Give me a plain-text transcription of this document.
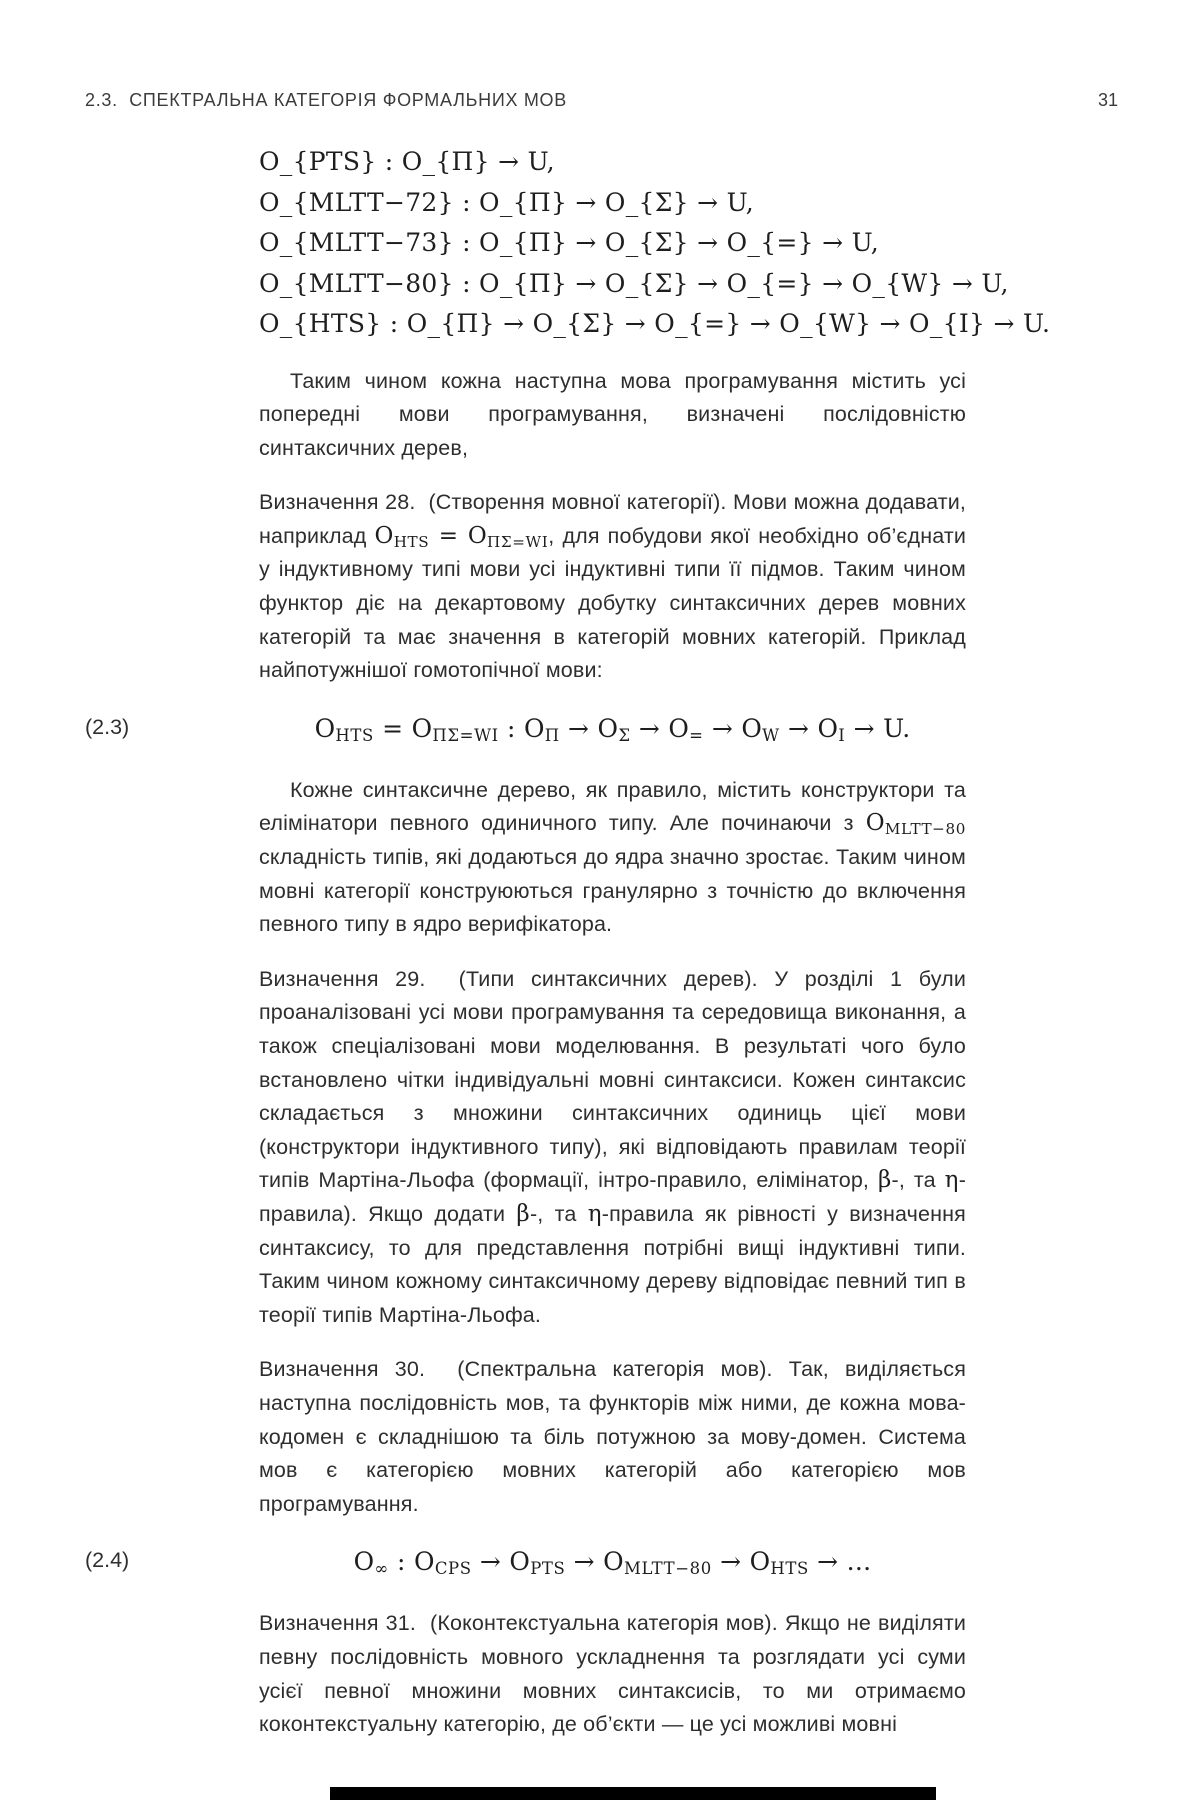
2.3.  СПЕКТРАЛЬНА КАТЕГОРІЯ ФОРМАЛЬНИХ МОВ	31
O_{PTS} : O_{Π} → U,
O_{MLTT−72} : O_{Π} → O_{Σ} → U,
O_{MLTT−73} : O_{Π} → O_{Σ} → O_{=} → U,
O_{MLTT−80} : O_{Π} → O_{Σ} → O_{=} → O_{W} → U,
O_{HTS} : O_{Π} → O_{Σ} → O_{=} → O_{W} → O_{I} → U.

Таким чином кожна наступна мова програмування містить усі попередні мови програмування, визначені послідовністю синтаксичних дерев,

Визначення 28.  (Створення мовної категорії). Мови можна додавати, наприклад $O_{HTS} = O_{\Pi\Sigma=WI}$, для побудови якої необхідно об’єднати у індуктивному типі мови усі індуктивні типи її підмов. Таким чином функтор діє на декартовому добутку синтаксичних дерев мовних категорій та має значення в категорій мовних категорій. Приклад найпотужнішої гомотопічної мови:

(2.3)	$O_{HTS} = O_{\Pi\Sigma=WI}$ : $O_\Pi \to O_\Sigma \to O_= \to O_W \to O_I \to U$.

Кожне синтаксичне дерево, як правило, містить конструктори та елімінатори певного одиничного типу. Але починаючи з $O_{MLTT-80}$ складність типів, які додаються до ядра значно зростає. Таким чином мовні категорії конструюються гранулярно з точністю до включення певного типу в ядро верифікатора.

Визначення 29.  (Типи синтаксичних дерев). У розділі 1 були проаналізовані усі мови програмування та середовища виконання, а також спеціалізовані мови моделювання. В результаті чого було встановлено чітки індивідуальні мовні синтаксиси. Кожен синтаксис складається з множини синтаксичних одиниць цієї мови (конструктори індуктивного типу), які відповідають правилам теорії типів Мартіна-Льофа (формації, інтро-правило, елімінатор, β-, та η-правила). Якщо додати β-, та η-правила як рівності у визначення синтаксису, то для представлення потрібні вищі індуктивні типи. Таким чином кожному синтаксичному дереву відповідає певний тип в теорії типів Мартіна-Льофа.

Визначення 30.  (Спектральна категорія мов). Так, виділяється наступна послідовність мов, та функторів між ними, де кожна мова-кодомен є складнішою та біль потужною за мову-домен. Система мов є категорією мовних категорій або категорією мов програмування.

(2.4)	$O_\infty$ : $O_{CPS} \to O_{PTS} \to O_{MLTT-80} \to O_{HTS}$ → ...

Визначення 31.  (Коконтекстуальна категорія мов). Якщо не виділяти певну послідовність мовного ускладнення та розглядати усі суми усієї певної множини мовних синтаксисів, то ми отримаємо коконтекстуальну категорію, де об’єкти — це усі можливі мовні
